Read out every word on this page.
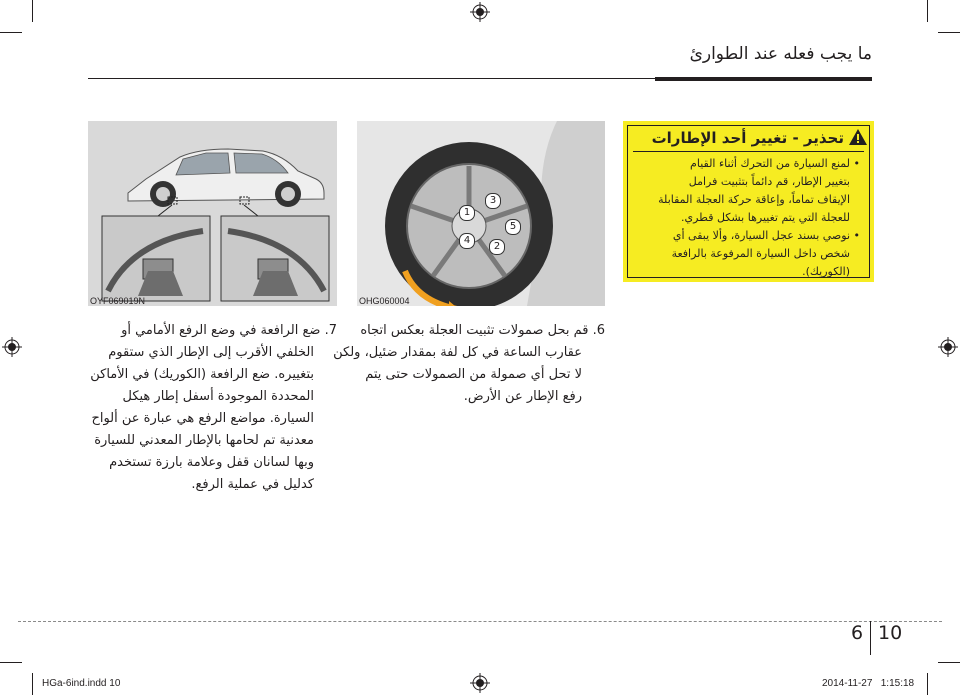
ما يجب فعله عند الطوارئ
OYF069019N
1
2
3
4
5
OHG060004
تحذير - تغيير أحد الإطارات
• لمنع السيارة من التحرك أثناء القيام
بتغيير الإطار، قم دائماً بتثبيت فرامل
الإيقاف تماماً، وإعاقة حركة العجلة المقابلة
للعجلة التي يتم تغييرها بشكل قطري.
• نوصي بسند عجل السيارة، وألا يبقى أي
شخص داخل السيارة المرفوعة بالرافعة
(الكوريك).
6. قم بحل صمولات تثبيت العجلة بعكس اتجاه
عقارب الساعة في كل لفة بمقدار ضئيل، ولكن
لا تحل أي صمولة من الصمولات حتى يتم
رفع الإطار عن الأرض.
7. ضع الرافعة في وضع الرفع الأمامي أو
الخلفي الأقرب إلى الإطار الذي ستقوم
بتغييره. ضع الرافعة (الكوريك) في الأماكن
المحددة الموجودة أسفل إطار هيكل
السيارة. مواضع الرفع هي عبارة عن ألواح
معدنية تم لحامها بالإطار المعدني للسيارة
وبها لسانان قفل وعلامة بارزة تستخدم
كدليل في عملية الرفع.
6 10
HGa-6ind.indd 10	2014-11-27   1:15:18
